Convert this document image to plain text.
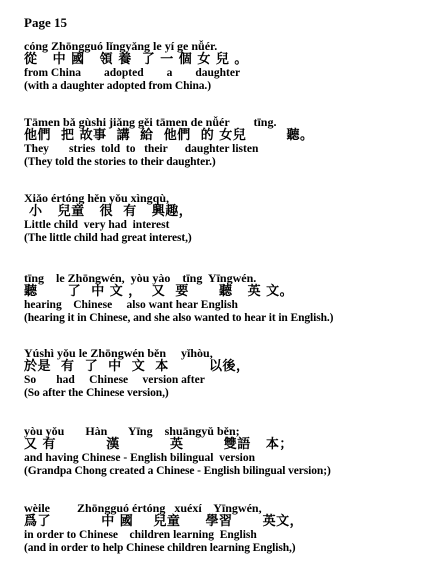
Page 15
cóng Zhōngguó lǐngyǎng le yí ge nǚér.
從   中 國   領 養  了 一 個 女 兒 。
from China        adopted        a        daughter
(with a daughter adopted from China.)
Tāmen bǎ gùshi jiǎng gěi tāmen de nǚér        tīng.
他們  把 故事  講  給  他們  的 女兒        聽。
They       stries  told  to   their      daughter listen
(They told the stories to their daughter.)
Xiǎo értóng hěn yǒu xìngqù,
小   兒童   很  有   興趣，
Little child  very had  interest
(The little child had great interest,)
tīng    le Zhōngwén,  yòu yào    tīng  Yīngwén.
聽      了  中 文 ，  又  要      聽   英 文。
hearing    Chinese     also want hear English
(hearing it in Chinese, and she also wanted to hear it in English.)
Yúshì yǒu le Zhōngwén běn     yǐhòu,
於是  有  了  中  文  本        以後，
So       had     Chinese     version after
(So after the Chinese version,)
yòu yǒu       Hàn       Yīng    shuāngyǔ běn;
又 有          漢          英        雙語   本；
and having Chinese - English bilingual  version
(Grandpa Chong created a Chinese - English bilingual version;)
wèile         Zhōngguó értóng   xuéxí    Yīngwén,
爲了          中 國    兒童     學習      英文，
in order to Chinese    children learning  English
(and in order to help Chinese children learning English,)
